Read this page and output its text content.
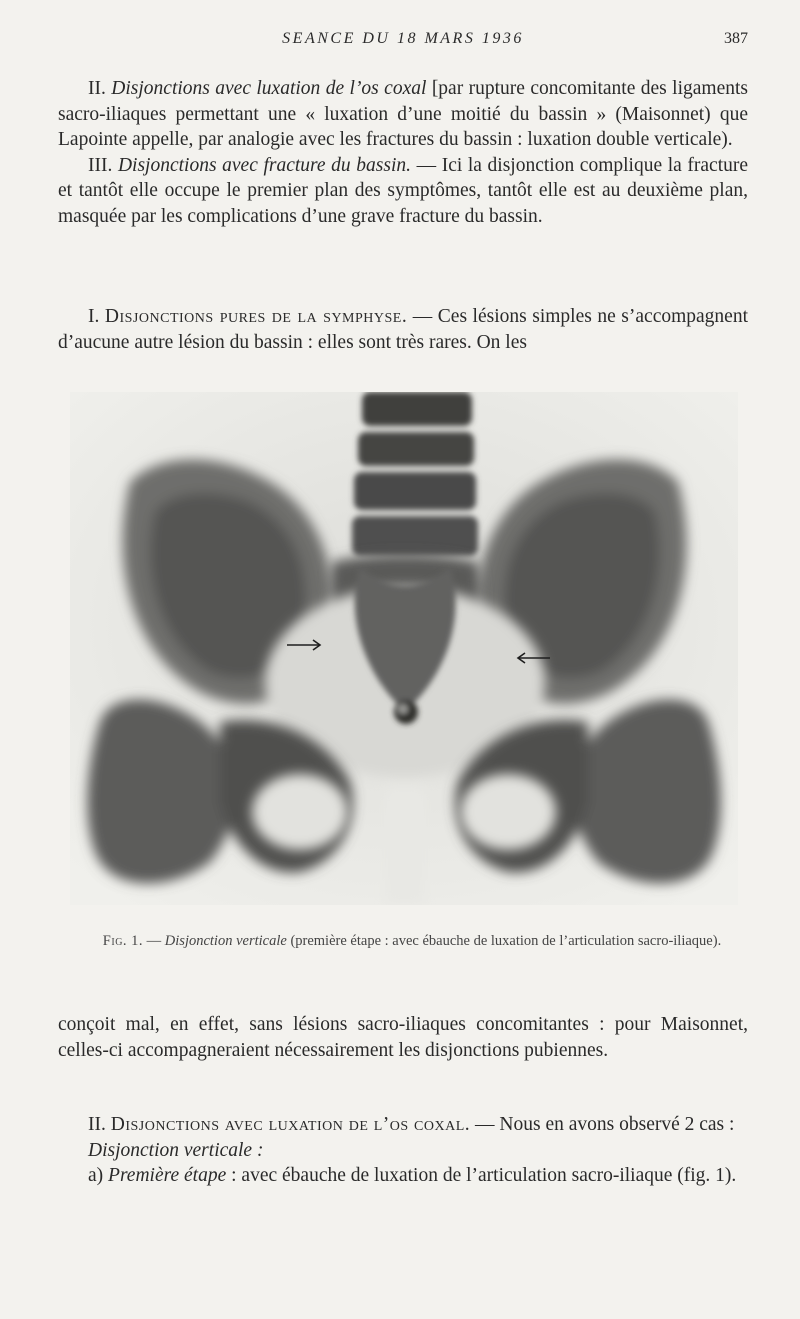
SEANCE DU 18 MARS 1936	387

II. Disjonctions avec luxation de l’os coxal [par rupture concomitante des ligaments sacro-iliaques permettant une « luxation d’une moitié du bassin » (Maisonnet) que Lapointe appelle, par analogie avec les fractures du bassin : luxation double verticale).

III. Disjonctions avec fracture du bassin. — Ici la disjonction complique la fracture et tantôt elle occupe le premier plan des symptômes, tantôt elle est au deuxième plan, masquée par les complications d’une grave fracture du bassin.

I. Disjonctions pures de la symphyse. — Ces lésions simples ne s’accompagnent d’aucune autre lésion du bassin : elles sont très rares. On les

Fig. 1. — Disjonction verticale (première étape : avec ébauche de luxation de l’articulation sacro-iliaque).

conçoit mal, en effet, sans lésions sacro-iliaques concomitantes : pour Maisonnet, celles-ci accompagneraient nécessairement les disjonctions pubiennes.

II. Disjonctions avec luxation de l’os coxal. — Nous en avons observé 2 cas :

Disjonction verticale :

a) Première étape : avec ébauche de luxation de l’articulation sacro-iliaque (fig. 1).
